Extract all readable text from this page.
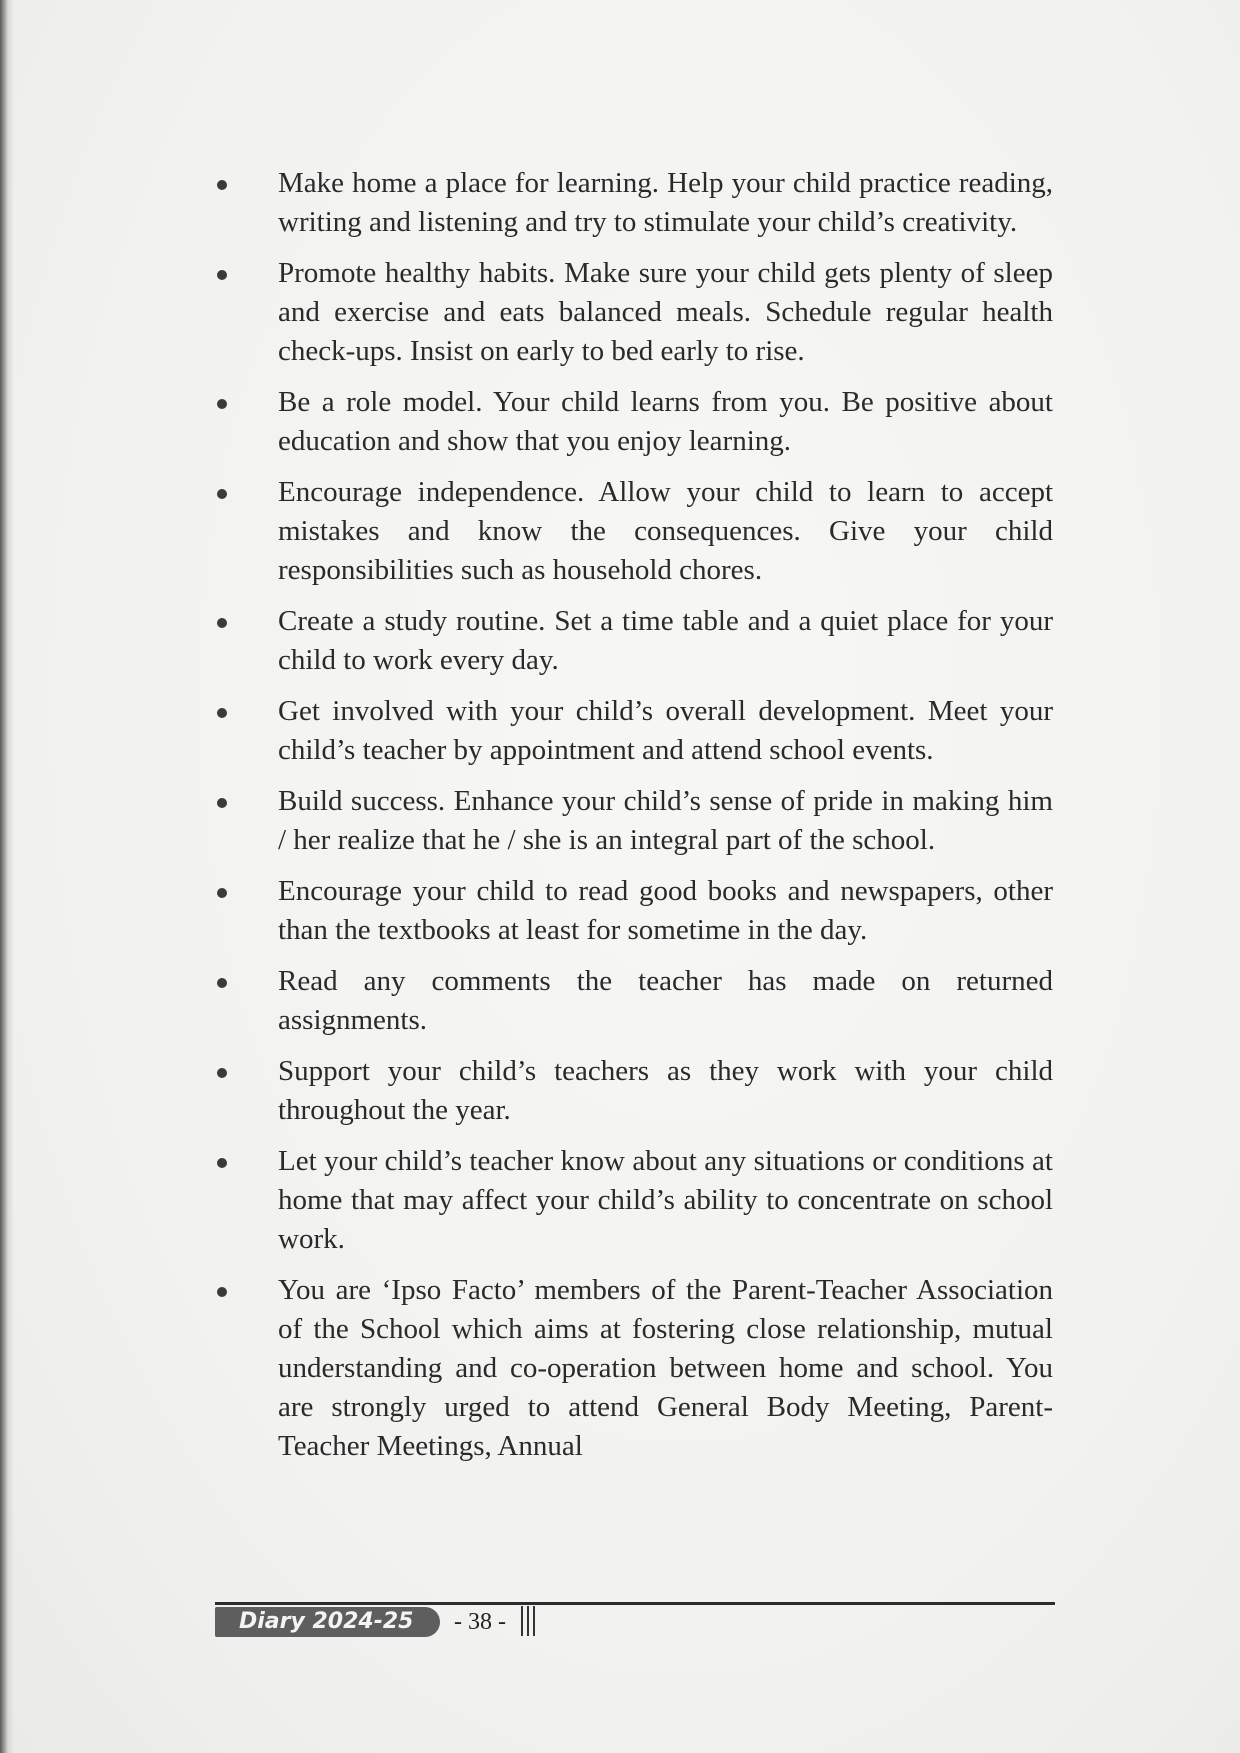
Make home a place for learning. Help your child practice reading, writing and listening and try to stimulate your child’s creativity.
Promote healthy habits. Make sure your child gets plenty of sleep and exercise and eats balanced meals. Schedule regular health check-ups. Insist on early to bed early to rise.
Be a role model. Your child learns from you. Be positive about education and show that you enjoy learning.
Encourage independence. Allow your child to learn to accept mistakes and know the consequences. Give your child responsibilities such as household chores.
Create a study routine. Set a time table and a quiet place for your child to work every day.
Get involved with your child’s overall development. Meet your child’s teacher by appointment and attend school events.
Build success. Enhance your child’s sense of pride in making him / her realize that he / she is an integral part of the school.
Encourage your child to read good books and newspapers, other than the textbooks at least for sometime in the day.
Read any comments the teacher has made on returned assignments.
Support your child’s teachers as they work with your child throughout the year.
Let your child’s teacher know about any situations or conditions at home that may affect your child’s ability to concentrate on school work.
You are ‘Ipso Facto’ members of the Parent-Teacher Association of the School which aims at fostering close relationship, mutual understanding and co-operation between home and school. You are strongly urged to attend General Body Meeting, Parent-Teacher Meetings, Annual
Diary 2024-25	- 38 -
